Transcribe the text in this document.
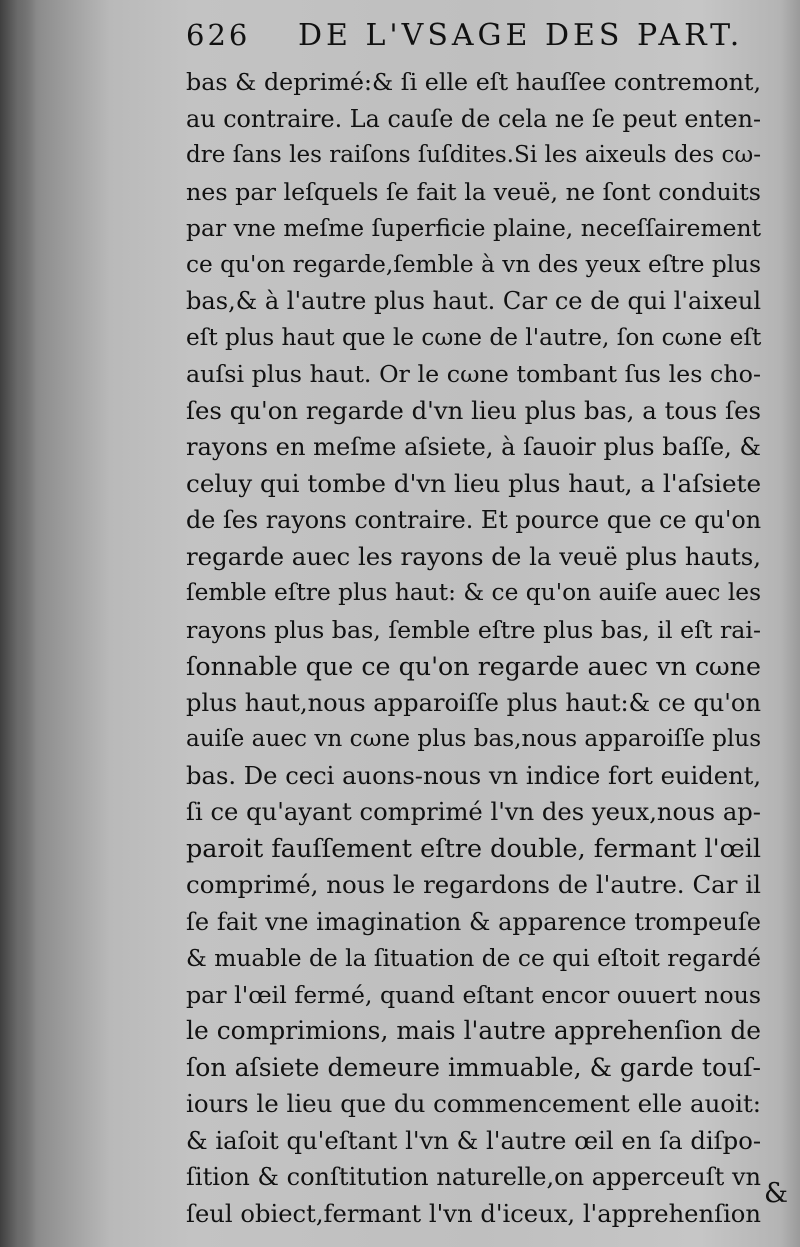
626 DE L'VSAGE DES PART.
bas & deprimé:& ſi elle eſt hauſſee contremont,
au contraire. La cauſe de cela ne ſe peut enten-
dre ſans les raiſons ſuſdites.Si les aixeuls des cω-
nes par leſquels ſe fait la veuë, ne ſont conduits
par vne meſme ſuperficie plaine, neceſſairement
ce qu'on regarde,ſemble à vn des yeux eſtre plus
bas,& à l'autre plus haut. Car ce de qui l'aixeul
eſt plus haut que le cωne de l'autre, ſon cωne eſt
auſsi plus haut. Or le cωne tombant ſus les cho-
ſes qu'on regarde d'vn lieu plus bas, a tous ſes
rayons en meſme aſsiete, à ſauoir plus baſſe, &
celuy qui tombe d'vn lieu plus haut, a l'aſsiete
de ſes rayons contraire. Et pource que ce qu'on
regarde auec les rayons de la veuë plus hauts,
ſemble eſtre plus haut: & ce qu'on auiſe auec les
rayons plus bas, ſemble eſtre plus bas, il eſt rai-
ſonnable que ce qu'on regarde auec vn cωne
plus haut,nous apparoiſſe plus haut:& ce qu'on
auiſe auec vn cωne plus bas,nous apparoiſſe plus
bas. De ceci auons-nous vn indice fort euident,
ſi ce qu'ayant comprimé l'vn des yeux,nous ap-
paroit fauſſement eſtre double, fermant l'œil
comprimé, nous le regardons de l'autre. Car il
ſe fait vne imagination & apparence trompeuſe
& muable de la ſituation de ce qui eſtoit regardé
par l'œil fermé, quand eſtant encor ouuert nous
le comprimions, mais l'autre apprehenſion de
ſon aſsiete demeure immuable, & garde touſ-
iours le lieu que du commencement elle auoit:
& iaſoit qu'eſtant l'vn & l'autre œil en ſa diſpo-
ſition & conſtitution naturelle,on apperceuſt vn
ſeul obiect,fermant l'vn d'iceux, l'apprehenſion
&
